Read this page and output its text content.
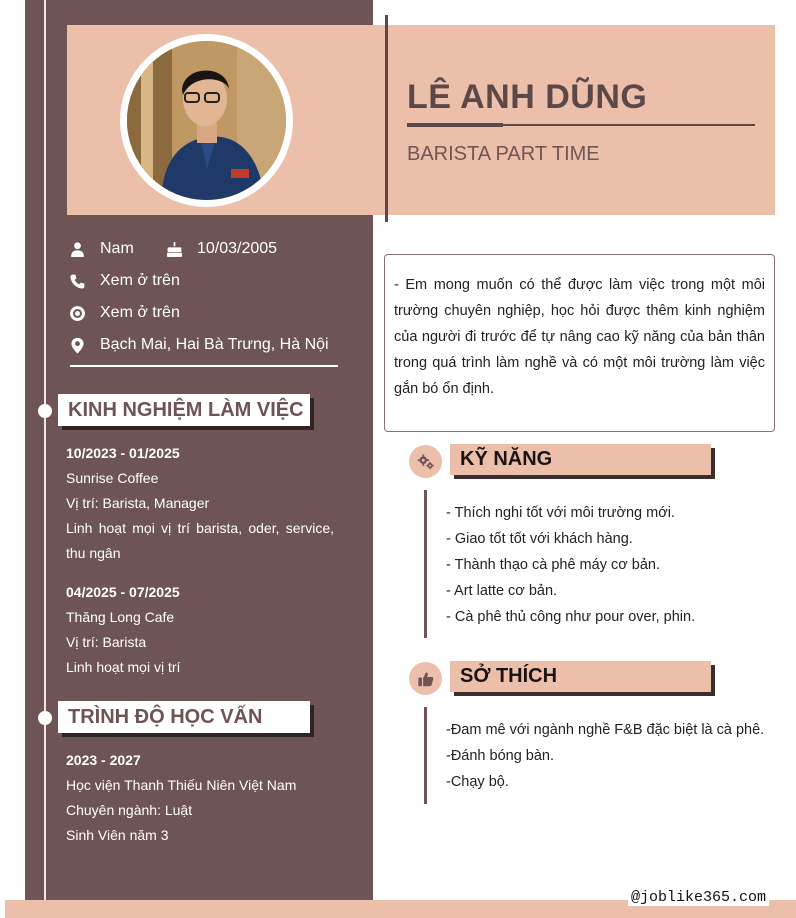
LÊ ANH DŨNG
BARISTA PART TIME
Nam	10/03/2005
Xem ở trên
Xem ở trên
Bạch Mai, Hai Bà Trưng, Hà Nội
KINH NGHIỆM LÀM VIỆC
10/2023 - 01/2025
Sunrise Coffee
Vị trí: Barista, Manager
Linh hoạt mọi vị trí barista, oder, service, thu ngân
04/2025 - 07/2025
Thăng Long Cafe
Vị trí: Barista
Linh hoạt mọi vị trí
TRÌNH ĐỘ HỌC VẤN
2023 - 2027
Học viện Thanh Thiếu Niên Việt Nam
Chuyên ngành: Luật
Sinh Viên năm 3
- Em mong muốn có thể được làm việc trong một môi trường chuyên nghiệp, học hỏi được thêm kinh nghiệm của người đi trước để tự nâng cao kỹ năng của bản thân trong quá trình làm nghề và có một môi trường làm việc gắn bó ổn định.
KỸ NĂNG
- Thích nghi tốt với môi trường mới.
- Giao tốt tốt với khách hàng.
- Thành thạo cà phê máy cơ bản.
- Art latte cơ bản.
- Cà phê thủ công như pour over, phin.
SỞ THÍCH
-Đam mê với ngành nghề F&B đặc biệt là cà phê.
-Đánh bóng bàn.
-Chạy bộ.
@joblike365.com
